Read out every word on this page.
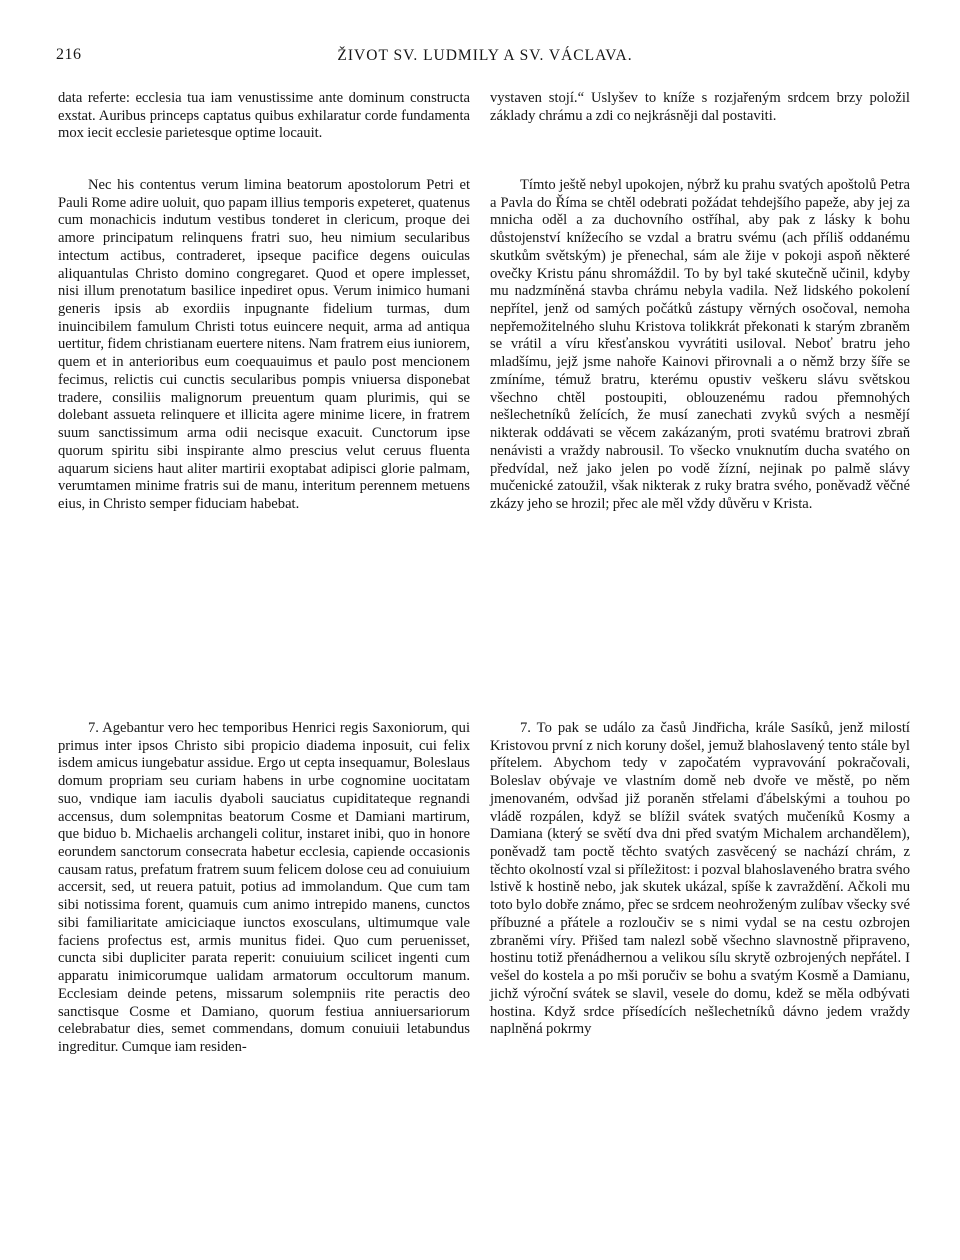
216	ŽIVOT SV. LUDMILY A SV. VÁCLAVA.

data referte: ecclesia tua iam venustissime ante dominum constructa exstat. Auribus princeps captatus quibus exhilaratur corde fundamenta mox iecit ecclesie parietesque optime locauit.

Nec his contentus verum limina beatorum apostolorum Petri et Pauli Rome adire uoluit, quo papam illius temporis expeteret, quatenus cum monachicis indutum vestibus tonderet in clericum, proque dei amore principatum relinquens fratri suo, heu nimium secularibus intectum actibus, contraderet, ipseque pacifice degens ouiculas aliquantulas Christo domino congregaret. Quod et opere implesset, nisi illum prenotatum basilice inpediret opus. Verum inimico humani generis ipsis ab exordiis inpugnante fidelium turmas, dum inuincibilem famulum Christi totus euincere nequit, arma ad antiqua uertitur, fidem christianam euertere nitens. Nam fratrem eius iuniorem, quem et in anterioribus eum coequauimus et paulo post mencionem fecimus, relictis cui cunctis secularibus pompis vniuersa disponebat tradere, consiliis malignorum preuentum quam plurimis, qui se dolebant assueta relinquere et illicita agere minime licere, in fratrem suum sanctissimum arma odii necisque exacuit. Cunctorum ipse quorum spiritu sibi inspirante almo prescius velut ceruus fluenta aquarum siciens haut aliter martirii exoptabat adipisci glorie palmam, verumtamen minime fratris sui de manu, interitum perennem metuens eius, in Christo semper fiduciam habebat.

7. Agebantur vero hec temporibus Henrici regis Saxoniorum, qui primus inter ipsos Christo sibi propicio diadema inposuit, cui felix isdem amicus iungebatur assidue. Ergo ut cepta insequamur, Boleslaus domum propriam seu curiam habens in urbe cognomine uocitatam suo, vndique iam iaculis dyaboli sauciatus cupiditateque regnandi accensus, dum solempnitas beatorum Cosme et Damiani martirum, que biduo b. Michaelis archangeli colitur, instaret inibi, quo in honore eorundem sanctorum consecrata habetur ecclesia, capiende occasionis causam ratus, prefatum fratrem suum felicem dolose ceu ad conuiuium accersit, sed, ut reuera patuit, potius ad immolandum. Que cum tam sibi notissima forent, quamuis cum animo intrepido manens, cunctos sibi familiaritate amiciciaque iunctos exosculans, ultimumque vale faciens profectus est, armis munitus fidei. Quo cum peruenisset, cuncta sibi dupliciter parata reperit: conuiuium scilicet ingenti cum apparatu inimicorumque ualidam armatorum occultorum manum. Ecclesiam deinde petens, missarum solempniis rite peractis deo sanctisque Cosme et Damiano, quorum festiua anniuersariorum celebrabatur dies, semet commendans, domum conuiuii letabundus ingreditur. Cumque iam residen-

vystaven stojí.“ Uslyšev to kníže s rozjařeným srdcem brzy položil základy chrámu a zdi co nejkrásněji dal postaviti.

Tímto ještě nebyl upokojen, nýbrž ku prahu svatých apoštolů Petra a Pavla do Říma se chtěl odebrati požádat tehdejšího papeže, aby jej za mnicha oděl a za duchovního ostříhal, aby pak z lásky k bohu důstojenství knížecího se vzdal a bratru svému (ach příliš oddanému skutkům světským) je přenechal, sám ale žije v pokoji aspoň některé ovečky Kristu pánu shromáždil. To by byl také skutečně učinil, kdyby mu nadzmíněná stavba chrámu nebyla vadila. Než lidského pokolení nepřítel, jenž od samých počátků zástupy věrných osočoval, nemoha nepřemožitelného sluhu Kristova tolikkrát překonati k starým zbraněm se vrátil a víru křesťanskou vyvrátiti usiloval. Neboť bratru jeho mladšímu, jejž jsme nahoře Kainovi přirovnali a o němž brzy šíře se zmíníme, témuž bratru, kterému opustiv veškeru slávu světskou všechno chtěl postoupiti, oblouzenému radou přemnohých nešlechetníků želících, že musí zanechati zvyků svých a nesmějí nikterak oddávati se věcem zakázaným, proti svatému bratrovi zbraň nenávisti a vraždy nabrousil. To všecko vnuknutím ducha svatého on předvídal, než jako jelen po vodě žízní, nejinak po palmě slávy mučenické zatoužil, však nikterak z ruky bratra svého, poněvadž věčné zkázy jeho se hrozil; přec ale měl vždy důvěru v Krista.

7. To pak se událo za časů Jindřicha, krále Sasíků, jenž milostí Kristovou první z nich koruny došel, jemuž blahoslavený tento stále byl přítelem. Abychom tedy v započatém vypravování pokračovali, Boleslav obývaje ve vlastním domě neb dvoře ve městě, po něm jmenovaném, odvšad již poraněn střelami ďábelskými a touhou po vládě rozpálen, když se blížil svátek svatých mučeníků Kosmy a Damiana (který se světí dva dni před svatým Michalem archandělem), poněvadž tam poctě těchto svatých zasvěcený se nachází chrám, z těchto okolností vzal si příležitost: i pozval blahoslaveného bratra svého lstivě k hostině nebo, jak skutek ukázal, spíše k zavraždění. Ačkoli mu toto bylo dobře známo, přec se srdcem neohroženým zulíbav všecky své příbuzné a přátele a rozloučiv se s nimi vydal se na cestu ozbrojen zbraněmi víry. Přišed tam nalezl sobě všechno slavnostně připraveno, hostinu totiž přenádhernou a velikou sílu skrytě ozbrojených nepřátel. I vešel do kostela a po mši poručiv se bohu a svatým Kosmě a Damianu, jichž výroční svátek se slavil, vesele do domu, kdež se měla odbývati hostina. Když srdce přísedících nešlechetníků dávno jedem vraždy naplněná pokrmy
